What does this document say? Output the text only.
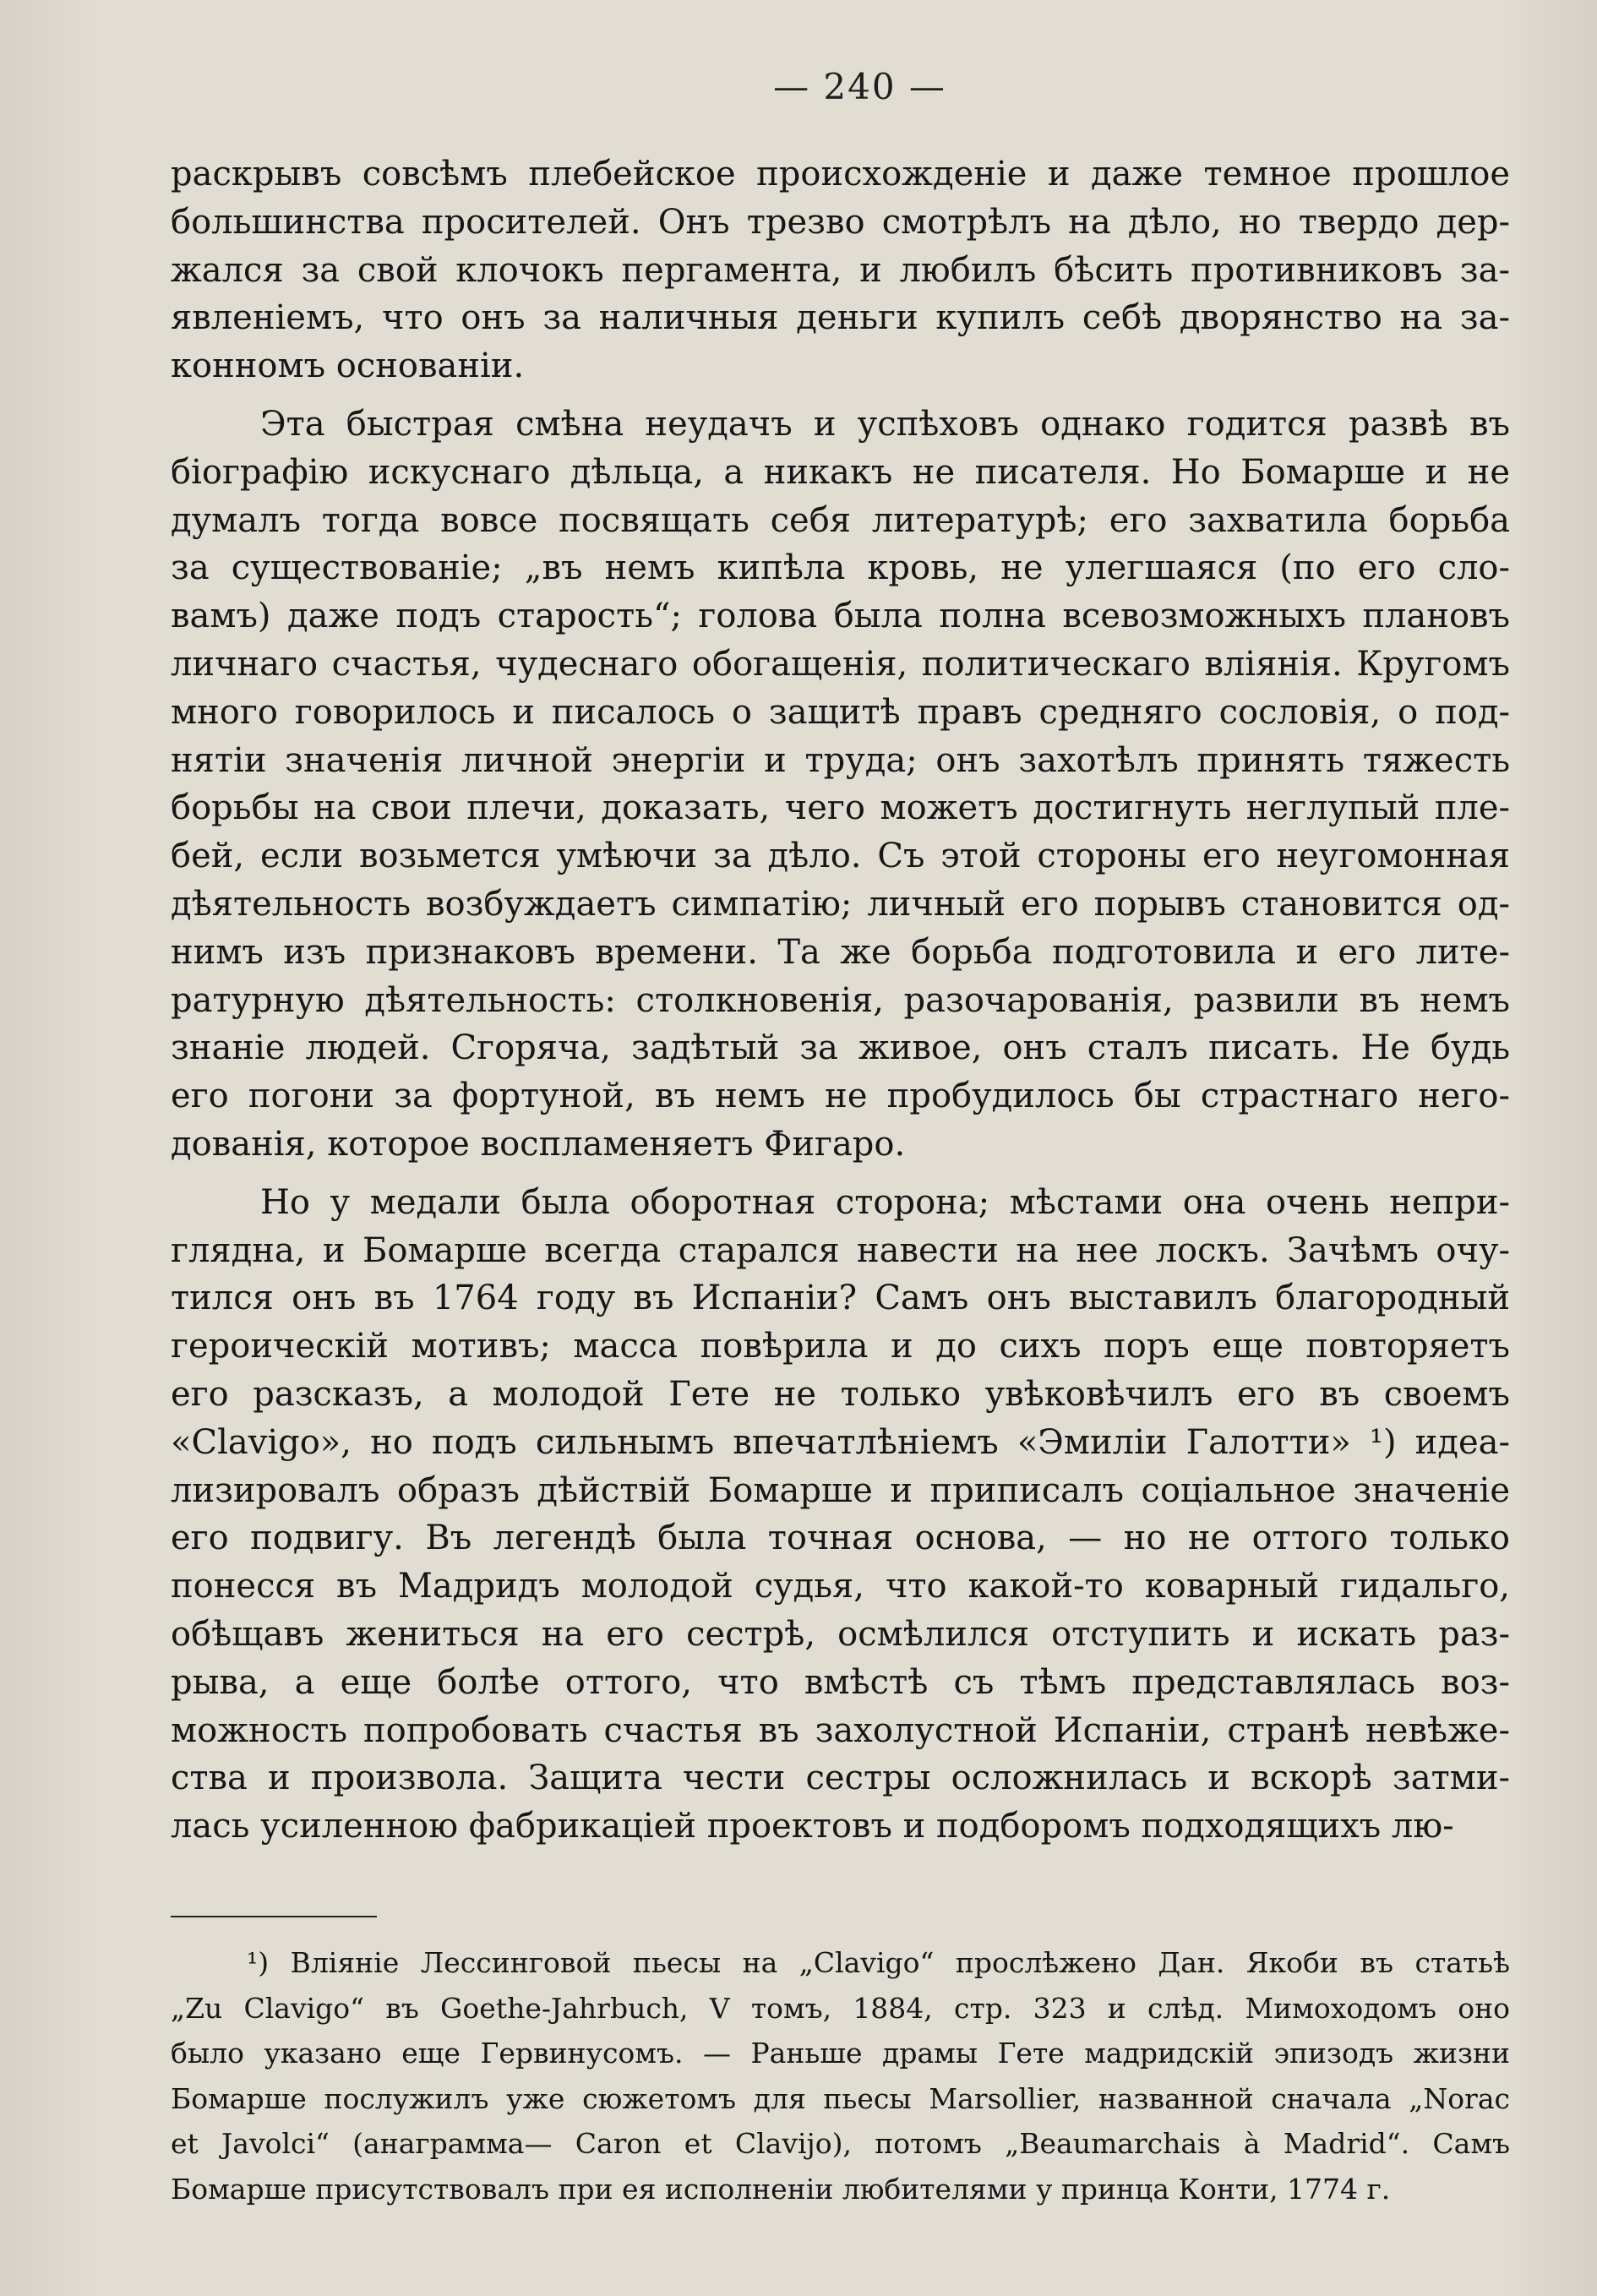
— 240 —
раскрывъ совсѣмъ плебейское происхожденіе и даже темное прошлое
большинства просителей. Онъ трезво смотрѣлъ на дѣло, но твердо дер-
жался за свой клочокъ пергамента, и любилъ бѣсить противниковъ за-
явленіемъ, что онъ за наличныя деньги купилъ себѣ дворянство на за-
конномъ основаніи.
Эта быстрая смѣна неудачъ и успѣховъ однако годится развѣ въ
біографію искуснаго дѣльца, а никакъ не писателя. Но Бомарше и не
думалъ тогда вовсе посвящать себя литературѣ; его захватила борьба
за существованіе; „въ немъ кипѣла кровь, не улегшаяся (по его сло-
вамъ) даже подъ старость“; голова была полна всевозможныхъ плановъ
личнаго счастья, чудеснаго обогащенія, политическаго вліянія. Кругомъ
много говорилось и писалось о защитѣ правъ средняго сословія, о под-
нятіи значенія личной энергіи и труда; онъ захотѣлъ принять тяжесть
борьбы на свои плечи, доказать, чего можетъ достигнуть неглупый пле-
бей, если возьмется умѣючи за дѣло. Съ этой стороны его неугомонная
дѣятельность возбуждаетъ симпатію; личный его порывъ становится од-
нимъ изъ признаковъ времени. Та же борьба подготовила и его лите-
ратурную дѣятельность: столкновенія, разочарованія, развили въ немъ
знаніе людей. Сгоряча, задѣтый за живое, онъ сталъ писать. Не будь
его погони за фортуной, въ немъ не пробудилось бы страстнаго него-
дованія, которое воспламеняетъ Фигаро.
Но у медали была оборотная сторона; мѣстами она очень непри-
глядна, и Бомарше всегда старался навести на нее лоскъ. Зачѣмъ очу-
тился онъ въ 1764 году въ Испаніи? Самъ онъ выставилъ благородный
героическій мотивъ; масса повѣрила и до сихъ поръ еще повторяетъ
его разсказъ, а молодой Гете не только увѣковѣчилъ его въ своемъ
«Clavigo», но подъ сильнымъ впечатлѣніемъ «Эмиліи Галотти» ¹) идеа-
лизировалъ образъ дѣйствій Бомарше и приписалъ соціальное значеніе
его подвигу. Въ легендѣ была точная основа, — но не оттого только
понесся въ Мадридъ молодой судья, что какой-то коварный гидальго,
обѣщавъ жениться на его сестрѣ, осмѣлился отступить и искать раз-
рыва, а еще болѣе оттого, что вмѣстѣ съ тѣмъ представлялась воз-
можность попробовать счастья въ захолустной Испаніи, странѣ невѣже-
ства и произвола. Защита чести сестры осложнилась и вскорѣ затми-
лась усиленною фабрикаціей проектовъ и подборомъ подходящихъ лю-
¹) Вліяніе Лессинговой пьесы на „Clavigo“ прослѣжено Дан. Якоби въ статьѣ
„Zu Clavigo“ въ Goethe-Jahrbuch, V томъ, 1884, стр. 323 и слѣд. Мимоходомъ оно
было указано еще Гервинусомъ. — Раньше драмы Гете мадридскій эпизодъ жизни
Бомарше послужилъ уже сюжетомъ для пьесы Marsollier, названной сначала „Norac
et Javolci“ (анаграмма— Caron et Clavijo), потомъ „Beaumarchais à Madrid“. Самъ
Бомарше присутствовалъ при ея исполненіи любителями у принца Конти, 1774 г.
